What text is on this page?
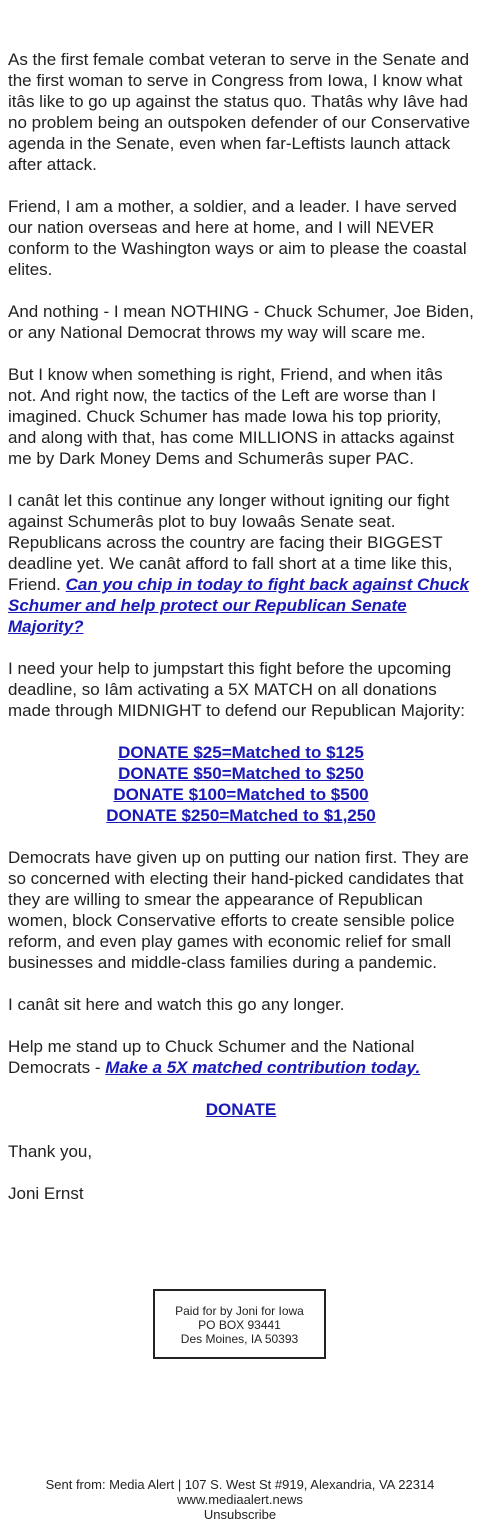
As the first female combat veteran to serve in the Senate and the first woman to serve in Congress from Iowa, I know what itâs like to go up against the status quo. Thatâs why Iâve had no problem being an outspoken defender of our Conservative agenda in the Senate, even when far-Leftists launch attack after attack.

Friend, I am a mother, a soldier, and a leader. I have served our nation overseas and here at home, and I will NEVER conform to the Washington ways or aim to please the coastal elites.

And nothing - I mean NOTHING - Chuck Schumer, Joe Biden, or any National Democrat throws my way will scare me.

But I know when something is right, Friend, and when itâs not. And right now, the tactics of the Left are worse than I imagined. Chuck Schumer has made Iowa his top priority, and along with that, has come MILLIONS in attacks against me by Dark Money Dems and Schumerâs super PAC.

I canât let this continue any longer without igniting our fight against Schumerâs plot to buy Iowaâs Senate seat. Republicans across the country are facing their BIGGEST deadline yet. We canât afford to fall short at a time like this, Friend. Can you chip in today to fight back against Chuck Schumer and help protect our Republican Senate Majority?

I need your help to jumpstart this fight before the upcoming deadline, so Iâm activating a 5X MATCH on all donations made through MIDNIGHT to defend our Republican Majority:

DONATE $25=Matched to $125
DONATE $50=Matched to $250
DONATE $100=Matched to $500
DONATE $250=Matched to $1,250

Democrats have given up on putting our nation first. They are so concerned with electing their hand-picked candidates that they are willing to smear the appearance of Republican women, block Conservative efforts to create sensible police reform, and even play games with economic relief for small businesses and middle-class families during a pandemic.

I canât sit here and watch this go any longer.

Help me stand up to Chuck Schumer and the National Democrats - Make a 5X matched contribution today.

DONATE

Thank you,

Joni Ernst

Paid for by Joni for Iowa
PO BOX 93441
Des Moines, IA 50393
Sent from: Media Alert | 107 S. West St #919, Alexandria, VA 22314
www.mediaalert.news
Unsubscribe
